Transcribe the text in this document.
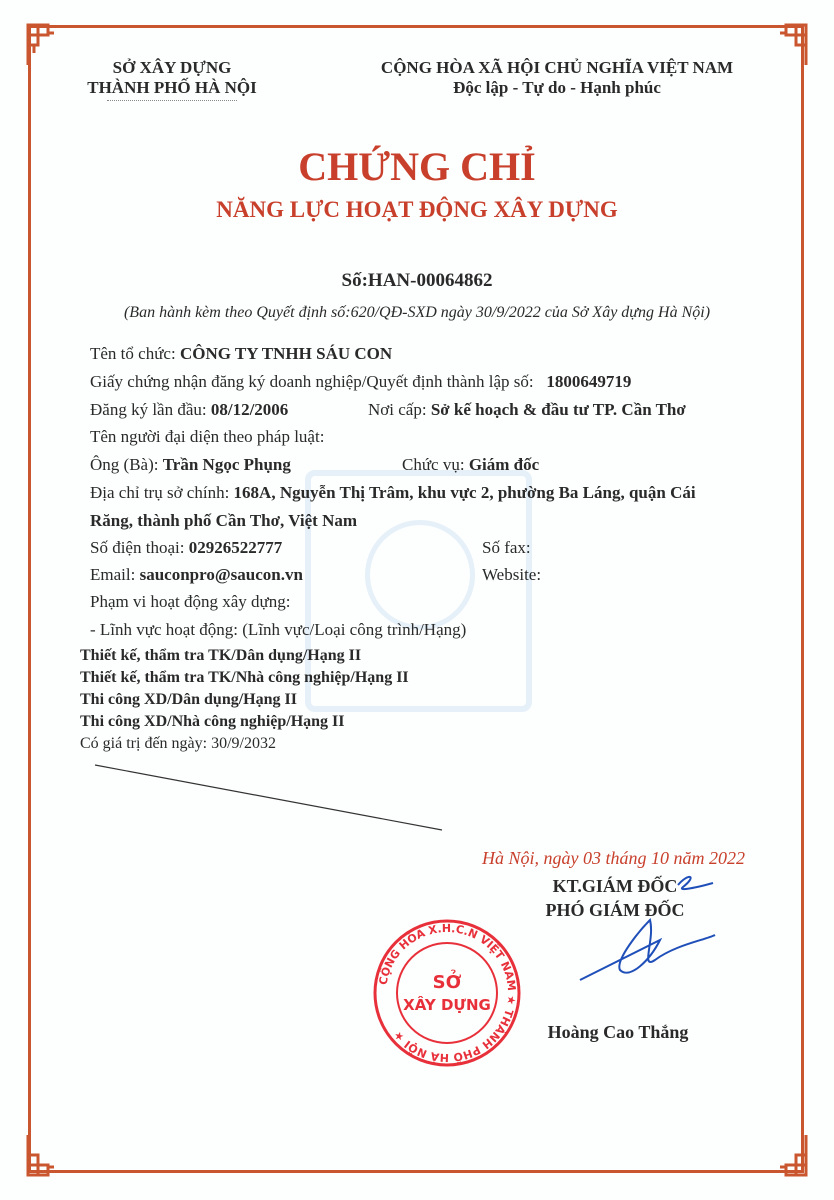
SỞ XÂY DỰNG
THÀNH PHỐ HÀ NỘI
CỘNG HÒA XÃ HỘI CHỦ NGHĨA VIỆT NAM
Độc lập - Tự do - Hạnh phúc
CHỨNG CHỈ
NĂNG LỰC HOẠT ĐỘNG XÂY DỰNG
Số:HAN-00064862
(Ban hành kèm theo Quyết định số:620/QĐ-SXD ngày 30/9/2022 của Sở Xây dựng Hà Nội)
Tên tổ chức: CÔNG TY TNHH SÁU CON
Giấy chứng nhận đăng ký doanh nghiệp/Quyết định thành lập số: 1800649719
Đăng ký lần đầu: 08/12/2006	Nơi cấp: Sở kế hoạch & đầu tư TP. Cần Thơ
Tên người đại diện theo pháp luật:
Ông (Bà): Trần Ngọc Phụng	Chức vụ: Giám đốc
Địa chỉ trụ sở chính: 168A, Nguyễn Thị Trâm, khu vực 2, phường Ba Láng, quận Cái
Răng, thành phố Cần Thơ, Việt Nam
Số điện thoại: 02926522777	Số fax:
Email: sauconpro@saucon.vn	Website:
Phạm vi hoạt động xây dựng:
- Lĩnh vực hoạt động: (Lĩnh vực/Loại công trình/Hạng)
Thiết kế, thẩm tra TK/Dân dụng/Hạng II
Thiết kế, thẩm tra TK/Nhà công nghiệp/Hạng II
Thi công XD/Dân dụng/Hạng II
Thi công XD/Nhà công nghiệp/Hạng II
Có giá trị đến ngày: 30/9/2032
Hà Nội, ngày 03 tháng 10 năm 2022
KT.GIÁM ĐỐC
PHÓ GIÁM ĐỐC
CỘNG HÒA X.H.C.N VIỆT NAM ★ THÀNH PHỐ HÀ NỘI ★
SỞ
XÂY DỰNG
Hoàng Cao Thắng
